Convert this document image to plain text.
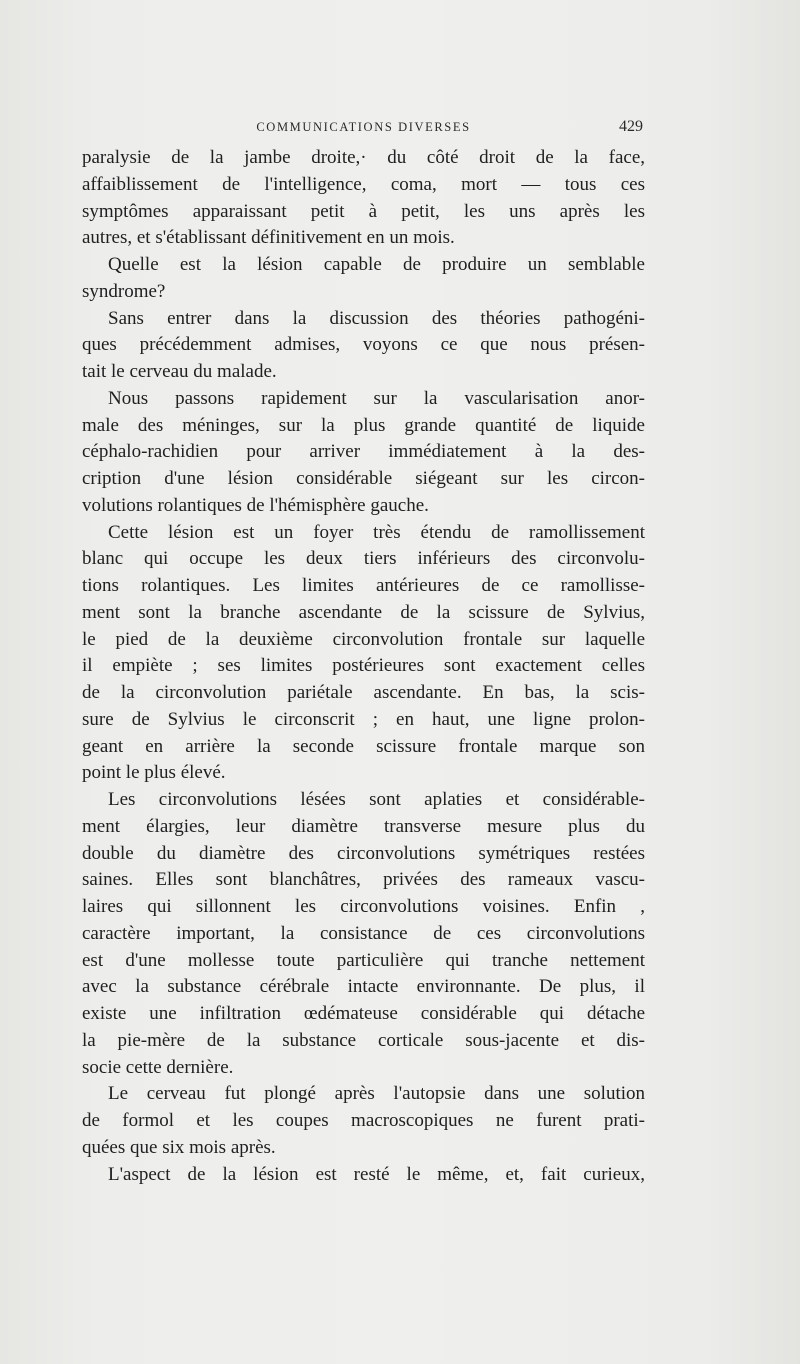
COMMUNICATIONS DIVERSES	429
paralysie de la jambe droite,· du côté droit de la face,
affaiblissement de l'intelligence, coma, mort — tous ces
symptômes apparaissant petit à petit, les uns après les
autres, et s'établissant définitivement en un mois.
Quelle est la lésion capable de produire un semblable
syndrome?
Sans entrer dans la discussion des théories pathogéni-
ques précédemment admises, voyons ce que nous présen-
tait le cerveau du malade.
Nous passons rapidement sur la vascularisation anor-
male des méninges, sur la plus grande quantité de liquide
céphalo-rachidien pour arriver immédiatement à la des-
cription d'une lésion considérable siégeant sur les circon-
volutions rolantiques de l'hémisphère gauche.
Cette lésion est un foyer très étendu de ramollissement
blanc qui occupe les deux tiers inférieurs des circonvolu-
tions rolantiques. Les limites antérieures de ce ramollisse-
ment sont la branche ascendante de la scissure de Sylvius,
le pied de la deuxième circonvolution frontale sur laquelle
il empiète ; ses limites postérieures sont exactement celles
de la circonvolution pariétale ascendante. En bas, la scis-
sure de Sylvius le circonscrit ; en haut, une ligne prolon-
geant en arrière la seconde scissure frontale marque son
point le plus élevé.
Les circonvolutions lésées sont aplaties et considérable-
ment élargies, leur diamètre transverse mesure plus du
double du diamètre des circonvolutions symétriques restées
saines. Elles sont blanchâtres, privées des rameaux vascu-
laires qui sillonnent les circonvolutions voisines. Enfin ,
caractère important, la consistance de ces circonvolutions
est d'une mollesse toute particulière qui tranche nettement
avec la substance cérébrale intacte environnante. De plus, il
existe une infiltration œdémateuse considérable qui détache
la pie-mère de la substance corticale sous-jacente et dis-
socie cette dernière.
Le cerveau fut plongé après l'autopsie dans une solution
de formol et les coupes macroscopiques ne furent prati-
quées que six mois après.
L'aspect de la lésion est resté le même, et, fait curieux,
